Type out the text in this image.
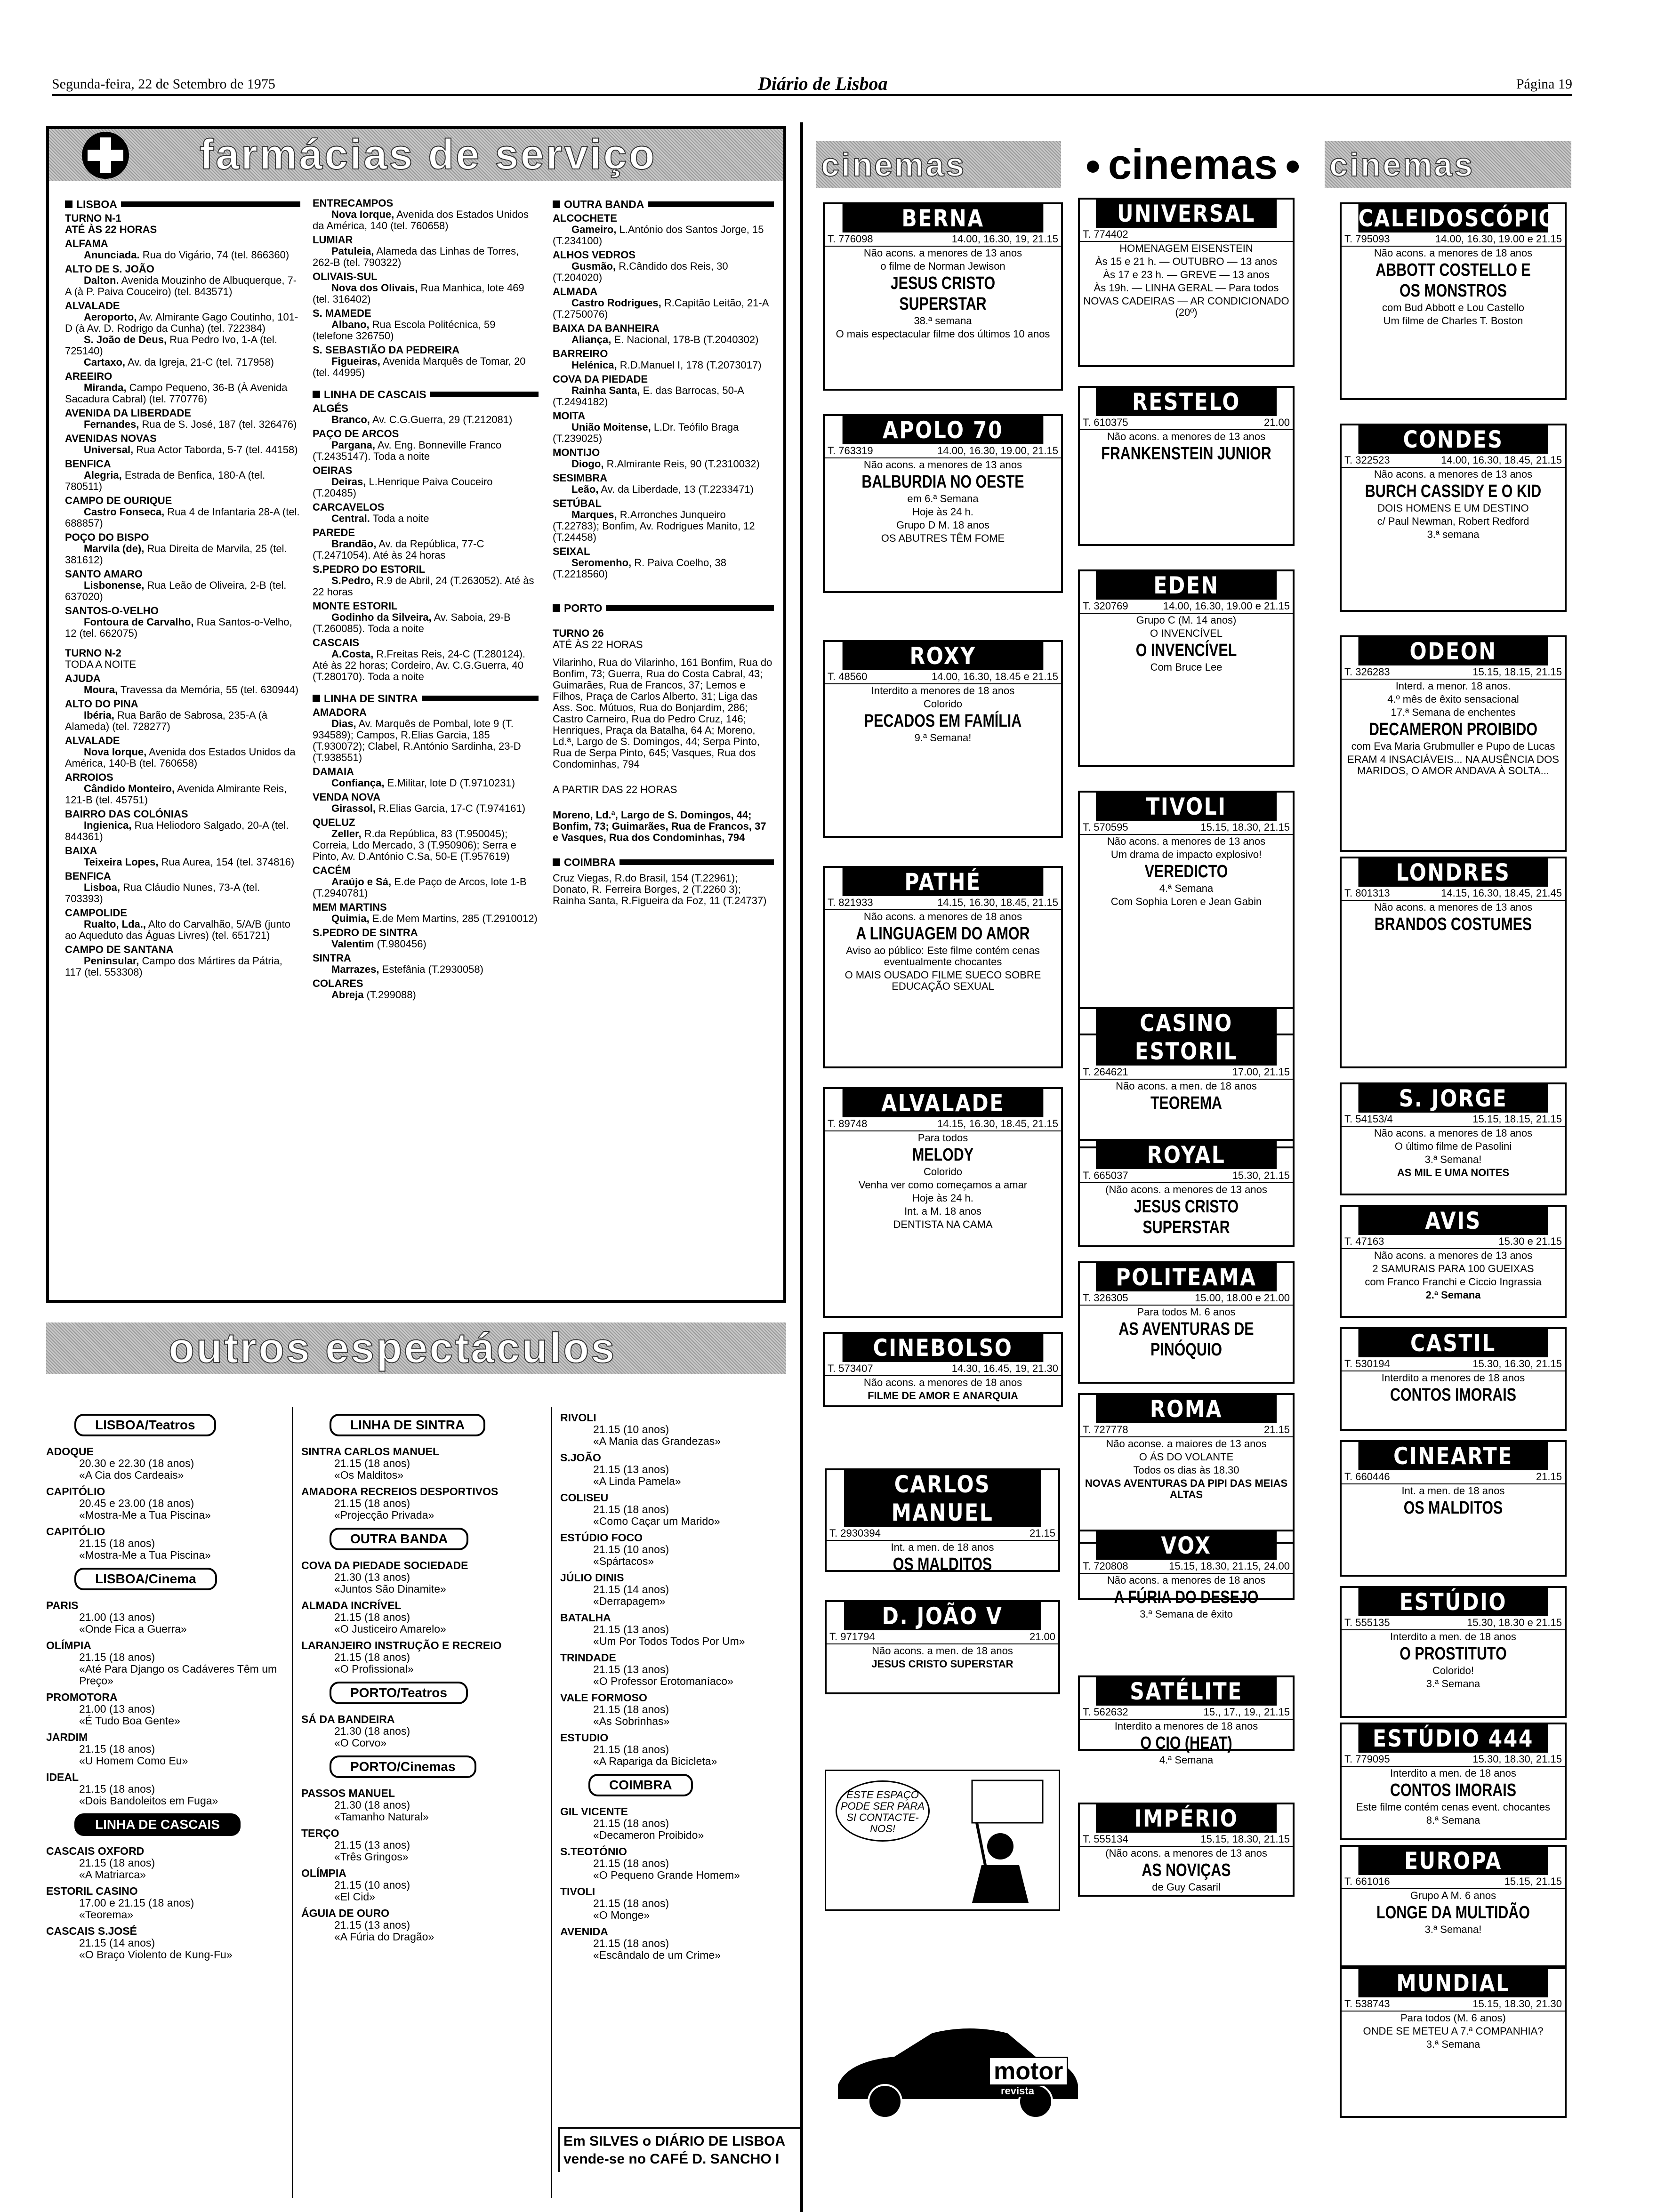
Segunda-feira, 22 de Setembro de 1975	Diário de Lisboa	Página 19
farmácias de serviço
LISBOA
TURNO N-1
ATÉ ÀS 22 HORAS
ALFAMA
Anunciada. Rua do Vigário, 74 (tel. 866360)
ALTO DE S. JOÃO
Dalton. Avenida Mouzinho de Albuquerque, 7-A (à P. Paiva Couceiro) (tel. 843571)
ALVALADE
Aeroporto, Av. Almirante Gago Coutinho, 101-D (à Av. D. Rodrigo da Cunha) (tel. 722384)
S. João de Deus, Rua Pedro Ivo, 1-A (tel. 725140)
Cartaxo, Av. da Igreja, 21-C (tel. 717958)
AREEIRO
Miranda, Campo Pequeno, 36-B (À Avenida Sacadura Cabral) (tel. 770776)
AVENIDA DA LIBERDADE
Fernandes, Rua de S. José, 187 (tel. 326476)
AVENIDAS NOVAS
Universal, Rua Actor Tabordа, 5-7 (tel. 44158)
BENFICA
Alegria, Estrada de Benfica, 180-A (tel. 780511)
CAMPO DE OURIQUE
Castro Fonseca, Rua 4 de Infantaria 28-A (tel. 688857)
POÇO DO BISPO
Marvila (de), Rua Direita de Marvila, 25 (tel. 381612)
SANTO AMARO
Lisbonense, Rua Leão de Oliveira, 2-B (tel. 637020)
SANTOS-O-VELHO
Fontoura de Carvalho, Rua Santos-o-Velho, 12 (tel. 662075)
TURNO N-2
TODA A NOITE
AJUDA
Moura, Travessa da Memória, 55 (tel. 630944)
ALTO DO PINA
Ibéria, Rua Barão de Sabrosa, 235-A (à Alameda) (tel. 728277)
ALVALADE
Nova Iorque, Avenida dos Estados Unidos da América, 140-B (tel. 760658)
ARROIOS
Cândido Monteiro, Avenida Almirante Reis, 121-B (tel. 45751)
BAIRRO DAS COLÓNIAS
Ingienica, Rua Heliodoro Salgado, 20-A (tel. 844361)
BAIXA
Teixeira Lopes, Rua Aurea, 154 (tel. 374816)
BENFICA
Lisboa, Rua Cláudio Nunes, 73-A (tel. 703393)
CAMPOLIDE
Rualto, Lda., Alto do Carvalhão, 5/A/B (junto ao Aqueduto das Águas Livres) (tel. 651721)
CAMPO DE SANTANA
Peninsular, Campo dos Mártires da Pátria, 117 (tel. 553308)
ENTRECAMPOS
Nova Iorque, Avenida dos Estados Unidos da América, 140 (tel. 760658)
LUMIAR
Patuleia, Alameda das Linhas de Torres, 262-B (tel. 790322)
OLIVAIS-SUL
Nova dos Olivais, Rua Manhica, lote 469 (tel. 316402)
S. MAMEDE
Albano, Rua Escola Politécnica, 59 (telefone 326750)
S. SEBASTIÃO DA PEDREIRA
Figueiras, Avenida Marquês de Tomar, 20 (tel. 44995)
LINHA DE CASCAIS
ALGÉS
Branco, Av. C.G.Guerra, 29 (T.212081)
PAÇO DE ARCOS
Pargana, Av. Eng. Bonneville Franco (T.2435147). Toda a noite
OEIRAS
Deiras, L.Henrique Paiva Couceiro (T.20485)
CARCAVELOS
Central. Toda a noite
PAREDE
Brandão, Av. da República, 77-C (T.2471054). Até às 24 horas
S.PEDRO DO ESTORIL
S.Pedro, R.9 de Abril, 24 (T.263052). Até às 22 horas
MONTE ESTORIL
Godinho da Silveira, Av. Saboia, 29-B (T.260085). Toda a noite
CASCAIS
A.Costa, R.Freitas Reis, 24-C (T.280124). Até às 22 horas; Cordeiro, Av. C.G.Guerra, 40 (T.280170). Toda a noite
LINHA DE SINTRA
AMADORA
Dias, Av. Marquês de Pombal, lote 9 (T. 934589); Campos, R.Elias Garcia, 185 (T.930072); Clabel, R.António Sardinha, 23-D (T.938551)
DAMAIA
Confiança, E.Militar, lote D (T.9710231)
VENDA NOVA
Girassol, R.Elias Garcia, 17-C (T.974161)
QUELUZ
Zeller, R.da República, 83 (T.950045); Correia, Ldo Mercado, 3 (T.950906); Serra e Pinto, Av. D.António C.Sa, 50-E (T.957619)
CACÉM
Araújo e Sá, E.de Paço de Arcos, lote 1-B (T.2940781)
MEM MARTINS
Quimia, E.de Mem Martins, 285 (T.2910012)
S.PEDRO DE SINTRA
Valentim (T.980456)
SINTRA
Marrazes, Estefânia (T.2930058)
COLARES
Abreja (T.299088)
OUTRA BANDA
ALCOCHETE
Gameiro, L.António dos Santos Jorge, 15 (T.234100)
ALHOS VEDROS
Gusmão, R.Cândido dos Reis, 30 (T.204020)
ALMADA
Castro Rodrigues, R.Capitão Leitão, 21-A (T.2750076)
BAIXA DA BANHEIRA
Aliança, E. Nacional, 178-B (T.2040302)
BARREIRO
Helénica, R.D.Manuel I, 178 (T.2073017)
COVA DA PIEDADE
Rainha Santa, E. das Barrocas, 50-A (T.2494182)
MOITA
União Moitense, L.Dr. Teófilo Braga (T.239025)
MONTIJO
Diogo, R.Almirante Reis, 90 (T.2310032)
SESIMBRA
Leão, Av. da Liberdade, 13 (T.2233471)
SETÚBAL
Marques, R.Arronches Junqueiro (T.22783); Bonfim, Av. Rodrigues Manito, 12 (T.24458)
SEIXAL
Seromenho, R. Paiva Coelho, 38 (T.2218560)
PORTO
TURNO 26
ATÉ ÀS 22 HORAS
Vilarinho, Rua do Vilarinho, 161 Bonfim, Rua do Bonfim, 73; Guerra, Rua do Costa Cabral, 43; Guimarães, Rua de Francos, 37; Lemos e Filhos, Praça de Carlos Alberto, 31; Liga das Ass. Soc. Mútuos, Rua do Bonjardim, 286; Castro Carneiro, Rua do Pedro Cruz, 146; Henriques, Praça da Batalha, 64 A; Moreno, Ld.ª, Largo de S. Domingos, 44; Serpa Pinto, Rua de Serpa Pinto, 645; Vasques, Rua dos Condominhas, 794
A PARTIR DAS 22 HORAS
Moreno, Ld.ª, Largo de S. Domingos, 44; Bonfim, 73; Guimarães, Rua de Francos, 37 e Vasques, Rua dos Condominhas, 794
COIMBRA
Cruz Viegas, R.do Brasil, 154 (T.22961); Donato, R. Ferreira Borges, 2 (T.2260 3); Rainha Santa, R.Figueira da Foz, 11 (T.24737)
outros espectáculos
LISBOA/Teatros
ADOQUE
20.30 e 22.30 (18 anos)
«A Cia dos Cardeais»
CAPITÓLIO
20.45 e 23.00 (18 anos)
«Mostra-Me a Tua Piscina»
CAPITÓLIO
21.15 (18 anos)
«Mostra-Me a Tua Piscina»
LISBOA/Cinema
PARIS
21.00 (13 anos)
«Onde Fica a Guerra»
OLÍMPIA
21.15 (18 anos)
«Até Para Django os Cadáveres Têm um Preço»
PROMOTORA
21.00 (13 anos)
«É Tudo Boa Gente»
JARDIM
21.15 (18 anos)
«U Homem Como Eu»
IDEAL
21.15 (18 anos)
«Dois Bandoleitos em Fuga»
LINHA DE CASCAIS
CASCAIS OXFORD
21.15 (18 anos)
«A Matriarca»
ESTORIL CASINO
17.00 e 21.15 (18 anos)
«Teorema»
CASCAIS S.JOSÉ
21.15 (14 anos)
«O Braço Violento de Kung-Fu»
LINHA DE SINTRA
SINTRA CARLOS MANUEL
21.15 (18 anos)
«Os Malditos»
AMADORA RECREIOS DESPORTIVOS
21.15 (18 anos)
«Projecção Privada»
OUTRA BANDA
COVA DA PIEDADE SOCIEDADE
21.30 (13 anos)
«Juntos São Dinamite»
ALMADA INCRÍVEL
21.15 (18 anos)
«O Justiceiro Amarelo»
LARANJEIRO INSTRUÇÃO E RECREIO
21.15 (18 anos)
«O Profissional»
PORTO/Teatros
SÁ DA BANDEIRA
21.30 (18 anos)
«O Corvo»
PORTO/Cinemas
PASSOS MANUEL
21.30 (18 anos)
«Tamanho Natural»
TERÇO
21.15 (13 anos)
«Três Gringos»
OLÍMPIA
21.15 (10 anos)
«El Cid»
ÁGUIA DE OURO
21.15 (13 anos)
«A Fúria do Dragão»
RIVOLI
21.15 (10 anos)
«A Mania das Grandezas»
S.JOÃO
21.15 (13 anos)
«A Linda Pamela»
COLISEU
21.15 (18 anos)
«Como Caçar um Marido»
ESTÚDIO FOCO
21.15 (10 anos)
«Spártacos»
JÚLIO DINIS
21.15 (14 anos)
«Derrapagem»
BATALHA
21.15 (13 anos)
«Um Por Todos Todos Por Um»
TRINDADE
21.15 (13 anos)
«O Professor Erotomaníaco»
VALE FORMOSO
21.15 (18 anos)
«As Sobrinhas»
ESTUDIO
21.15 (18 anos)
«A Rapariga da Bicicleta»
COIMBRA
GIL VICENTE
21.15 (18 anos)
«Decameron Proibido»
S.TEOTÓNIO
21.15 (18 anos)
«O Pequeno Grande Homem»
TIVOLI
21.15 (18 anos)
«O Monge»
AVENIDA
21.15 (18 anos)
«Escândalo de um Crime»
Em SILVES o DIÁRIO DE LISBOA vende-se no CAFÉ D. SANCHO I
cinemas	● cinemas ● cinemas
BERNA
T. 776098	14.00, 16.30, 19, 21.15
Não acons. a menores de 13 anos
o filme de Norman Jewison
JESUS CRISTO SUPERSTAR
38.ª semana
O mais espectacular filme dos últimos 10 anos
APOLO 70
T. 763319	14.00, 16.30, 19.00, 21.15
Não acons. a menores de 13 anos
BALBURDIA NO OESTE
em 6.ª Semana
Hoje às 24 h.
Grupo D M. 18 anos
OS ABUTRES TÊM FOME
ROXY
T. 48560	14.00, 16.30, 18.45 e 21.15
Interdito a menores de 18 anos
Colorido
PECADOS EM FAMÍLIA
9.ª Semana!
PATHÉ
T. 821933	14.15, 16.30, 18.45, 21.15
Não acons. a menores de 18 anos
A LINGUAGEM DO AMOR
Aviso ao público: Este filme contém cenas eventualmente chocantes
O MAIS OUSADO FILME SUECO SOBRE EDUCAÇÃO SEXUAL
ALVALADE
T. 89748	14.15, 16.30, 18.45, 21.15
Para todos
MELODY
Colorido
Venha ver como começamos a amar
Hoje às 24 h.
Int. a M. 18 anos
DENTISTA NA CAMA
CINEBOLSO
T. 573407	14.30, 16.45, 19, 21.30
Não acons. a menores de 18 anos
FILME DE AMOR E ANARQUIA
CARLOS MANUEL
T. 2930394	21.15
Int. a men. de 18 anos
OS MALDITOS
D. JOÃO V
T. 971794	21.00
Não acons. a men. de 18 anos
JESUS CRISTO SUPERSTAR
UNIVERSAL
T. 774402
HOMENAGEM EISENSTEIN
Às 15 e 21 h. — OUTUBRO — 13 anos
Às 17 e 23 h. — GREVE — 13 anos
Às 19h. — LINHA GERAL — Para todos
NOVAS CADEIRAS — AR CONDICIONADO (20º)
RESTELO
T. 610375	21.00
Não acons. a menores de 13 anos
FRANKENSTEIN JUNIOR
EDEN
T. 320769	14.00, 16.30, 19.00 e 21.15
Grupo C (M. 14 anos)
O INVENCÍVEL
O INVENCÍVEL
Com Bruce Lee
TIVOLI
T. 570595	15.15, 18.30, 21.15
Não acons. a menores de 13 anos
Um drama de impacto explosivo!
VEREDICTO
4.ª Semana
Com Sophia Loren e Jean Gabin
CASINO ESTORIL
T. 264621	17.00, 21.15
Não acons. a men. de 18 anos
TEOREMA
ROYAL
T. 665037	15.30, 21.15
(Não acons. a menores de 13 anos
JESUS CRISTO SUPERSTAR
POLITEAMA
T. 326305	15.00, 18.00 e 21.00
Para todos M. 6 anos
AS AVENTURAS DE PINÓQUIO
ROMA
T. 727778	21.15
Não aconse. a maiores de 13 anos
O ÁS DO VOLANTE
Todos os dias às 18.30
NOVAS AVENTURAS DA PIPI DAS MEIAS ALTAS
VOX
T. 720808	15.15, 18.30, 21.15, 24.00
Não acons. a menores de 18 anos
A FÚRIA DO DESEJO
3.ª Semana de êxito
SATÉLITE
T. 562632	15., 17., 19., 21.15
Interdito a menores de 18 anos
O CIO (HEAT)
4.ª Semana
IMPÉRIO
T. 555134	15.15, 18.30, 21.15
(Não acons. a menores de 13 anos
AS NOVIÇAS
de Guy Casaril
CALEIDOSCÓPIO
T. 795093	14.00, 16.30, 19.00 e 21.15
Não acons. a menores de 18 anos
ABBOTT COSTELLO E OS MONSTROS
com Bud Abbott e Lou Castello
Um filme de Charles T. Boston
CONDES
T. 322523	14.00, 16.30, 18.45, 21.15
Não acons. a menores de 13 anos
BURCH CASSIDY E O KID
DOIS HOMENS E UM DESTINO
c/ Paul Newman, Robert Redford
3.ª semana
ODEON
T. 326283	15.15, 18.15, 21.15
Interd. a menor. 18 anos.
4.º mês de êxito sensacional
17.ª Semana de enchentes
DECAMERON PROIBIDO
com Eva Maria Grubmuller e Pupo de Lucas
ERAM 4 INSACIÁVEIS... NA AUSÊNCIA DOS MARIDOS, O AMOR ANDAVA À SOLTA...
LONDRES
T. 801313	14.15, 16.30, 18.45, 21.45
Não acons. a menores de 13 anos
BRANDOS COSTUMES
S. JORGE
T. 54153/4	15.15, 18.15, 21.15
Não acons. a menores de 18 anos
O último filme de Pasolini
3.ª Semana!
AS MIL E UMA NOITES
AVIS
T. 47163	15.30 e 21.15
Não acons. a menores de 13 anos
2 SAMURAIS PARA 100 GUEIXAS
com Franco Franchi e Ciccio Ingrassia
2.ª Semana
CASTIL
T. 530194	15.30, 16.30, 21.15
Interdito a menores de 18 anos
CONTOS IMORAIS
CINEARTE
T. 660446	21.15
Int. a men. de 18 anos
OS MALDITOS
ESTÚDIO
T. 555135	15.30, 18.30 e 21.15
Interdito a men. de 18 anos
O PROSTITUTO
Colorido!
3.ª Semana
ESTÚDIO 444
T. 779095	15.30, 18.30, 21.15
Interdito a men. de 18 anos
CONTOS IMORAIS
Este filme contém cenas event. chocantes
8.ª Semana
EUROPA
T. 661016	15.15, 21.15
Grupo A M. 6 anos
LONGE DA MULTIDÃO
3.ª Semana!
MUNDIAL
T. 538743	15.15, 18.30, 21.30
Para todos (M. 6 anos)
ONDE SE METEU A 7.ª COMPANHIA?
3.ª Semana
ESTE ESPAÇO PODE SER PARA SI CONTACTE-NOS!
motor
revista
